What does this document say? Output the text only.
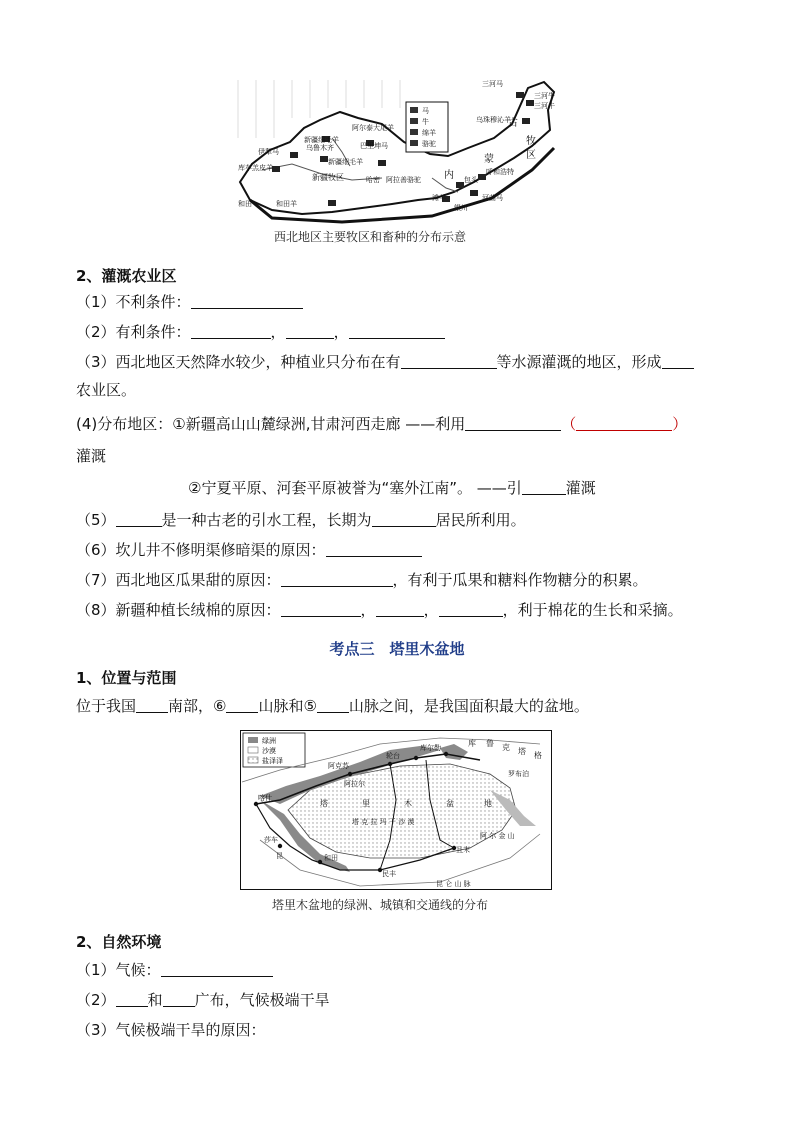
马
牛
绵羊
骆驼
三河马
三河牛
三河牛
乌珠穆沁羊
阿尔泰大尾羊
新疆细毛羊
乌鲁木齐	巴里坤马
伊犁马
新疆细毛羊
库车羔皮羊
新疆牧区	哈密 阿拉善骆驼
和田	和田羊
古
牧
蒙	区
内	呼和浩特
包头
银川
滩羊	河曲马
西北地区主要牧区和畜种的分布示意
2、灌溉农业区
（1）不利条件：
（2）有利条件：	，	，
（3）西北地区天然降水较少，种植业只分布在有	等水源灌溉的地区，形成
农业区。
(4)分布地区：①新疆高山山麓绿洲,甘肃河西走廊 ——利用	（	）
灌溉
②宁夏平原、河套平原被誉为“塞外江南”。 ——引	灌溉
（5）	是一种古老的引水工程，长期为	居民所利用。
（6）坎儿井不修明渠修暗渠的原因：
（7）西北地区瓜果甜的原因：	，有利于瓜果和糖料作物糖分的积累。
（8）新疆种植长绒棉的原因：	，	，	，利于棉花的生长和采摘。
考点三　塔里木盆地
1、位置与范围
位于我国 南部，⑥ 山脉和⑤ 山脉之间，是我国面积最大的盆地。
绿洲
沙漠
盐泽泽
喀什
莎车
和田
民丰
且末
阿克苏
轮台
库尔勒
阿拉尔
罗布泊
库 鲁 克 塔 格
塔	里	木	盆	地
塔 克 拉 玛 干 沙 漠
阿 尔 金 山
昆
昆 仑 山 脉
塔里木盆地的绿洲、城镇和交通线的分布
2、自然环境
（1）气候：
（2） 和 广布，气候极端干旱
（3）气候极端干旱的原因：
